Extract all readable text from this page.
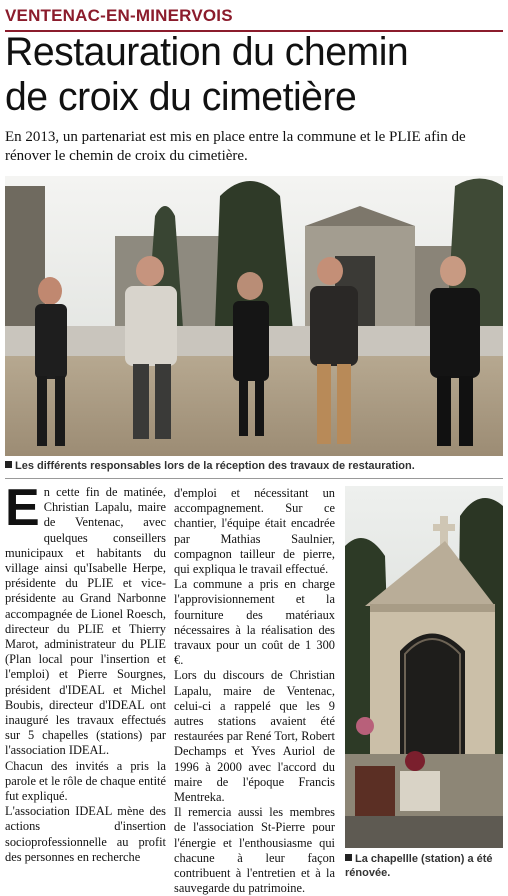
VENTENAC-EN-MINERVOIS
Restauration du chemin
de croix du cimetière
En 2013, un partenariat est mis en place entre la commune et le PLIE afin de rénover le chemin de croix du cimetière.
Les différents responsables lors de la réception des travaux de restauration.

En cette fin de matinée, Christian Lapalu, maire de Ventenac, avec quelques conseillers municipaux et habitants du village ainsi qu'Isabelle Herpe, présidente du PLIE et vice-présidente au Grand Narbonne accompagnée de Lionel Roesch, directeur du PLIE et Thierry Marot, administrateur du PLIE (Plan local pour l'insertion et l'emploi) et Pierre Sourgnes, président d'IDEAL et Michel Boubis, directeur d'IDEAL ont inauguré les travaux effectués sur 5 chapelles (stations) par l'association IDEAL.

Chacun des invités a pris la parole et le rôle de chaque entité fut expliqué.

L'association IDEAL mène des actions d'insertion socioprofessionnelle au profit des personnes en recherche

d'emploi et nécessitant un accompagnement. Sur ce chantier, l'équipe était encadrée par Mathias Saulnier, compagnon tailleur de pierre, qui expliqua le travail effectué.

La commune a pris en charge l'approvisionnement et la fourniture des matériaux nécessaires à la réalisation des travaux pour un coût de 1 300 €.

Lors du discours de Christian Lapalu, maire de Ventenac, celui-ci a rappelé que les 9 autres stations avaient été restaurées par René Tort, Robert Dechamps et Yves Auriol de 1996 à 2000 avec l'accord du maire de l'époque Francis Mentreka.

Il remercia aussi les membres de l'association St-Pierre pour l'énergie et l'enthousiasme qui chacune à leur façon contribuent à l'entretien et à la sauvegarde du patrimoine.

La chapellle (station) a été rénovée.
